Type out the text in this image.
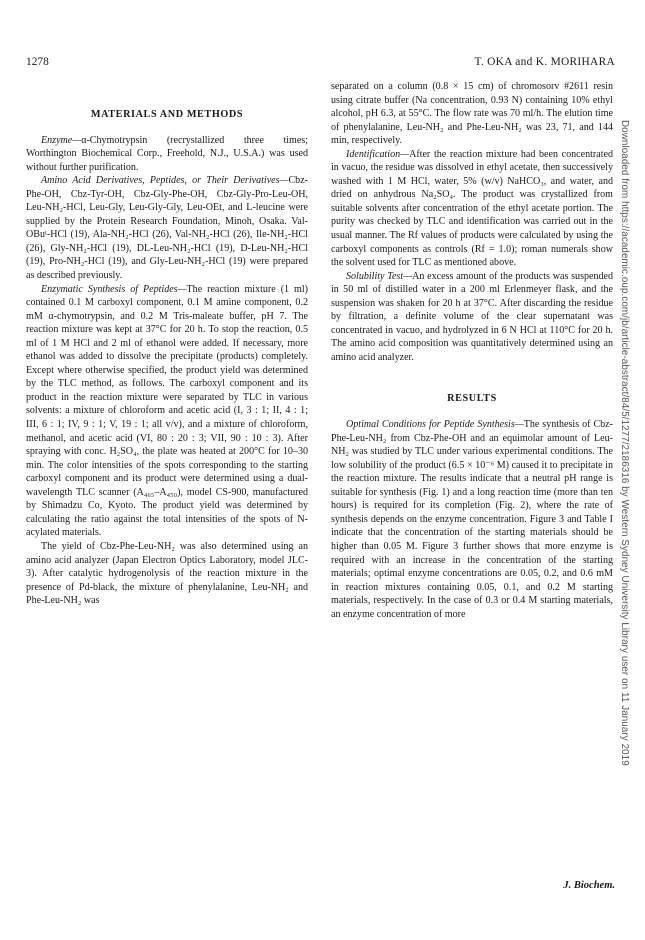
1278	T. OKA and K. MORIHARA
MATERIALS AND METHODS

Enzyme—α-Chymotrypsin (recrystallized three times; Worthington Biochemical Corp., Freehold, N.J., U.S.A.) was used without further purification.

Amino Acid Derivatives, Peptides, or Their Derivatives—Cbz-Phe-OH, Cbz-Tyr-OH, Cbz-Gly-Phe-OH, Cbz-Gly-Pro-Leu-OH, Leu-NH₂-HCl, Leu-Gly, Leu-Gly-Gly, Leu-OEt, and L-leucine were supplied by the Protein Research Foundation, Minoh, Osaka. Val-OBuᵗ-HCl (19), Ala-NH₂-HCl (26), Val-NH₂-HCl (26), Ile-NH₂-HCl (26), Gly-NH₂-HCl (19), DL-Leu-NH₂-HCl (19), D-Leu-NH₂-HCl (19), Pro-NH₂-HCl (19), and Gly-Leu-NH₂-HCl (19) were prepared as described previously.

Enzymatic Synthesis of Peptides—The reaction mixture (1 ml) contained 0.1 M carboxyl component, 0.1 M amine component, 0.2 mM α-chymotrypsin, and 0.2 M Tris-maleate buffer, pH 7. The reaction mixture was kept at 37°C for 20 h. To stop the reaction, 0.5 ml of 1 M HCl and 2 ml of ethanol were added. If necessary, more ethanol was added to dissolve the precipitate (products) completely. Except where otherwise specified, the product yield was determined by the TLC method, as follows. The carboxyl component and its product in the reaction mixture were separated by TLC in various solvents: a mixture of chloroform and acetic acid (I, 3 : 1; II, 4 : 1; III, 6 : 1; IV, 9 : 1; V, 19 : 1; all v/v), and a mixture of chloroform, methanol, and acetic acid (VI, 80 : 20 : 3; VII, 90 : 10 : 3). After spraying with conc. H₂SO₄, the plate was heated at 200°C for 10–30 min. The color intensities of the spots corresponding to the starting carboxyl component and its product were determined using a dual-wavelength TLC scanner (A₄₆₅–A₄₅₀), model CS-900, manufactured by Shimadzu Co, Kyoto. The product yield was determined by calculating the ratio against the total intensities of the spots of N-acylated materials.

The yield of Cbz-Phe-Leu-NH₂ was also determined using an amino acid analyzer (Japan Electron Optics Laboratory, model JLC-3). After catalytic hydrogenolysis of the reaction mixture in the presence of Pd-black, the mixture of phenylalanine, Leu-NH₂ and Phe-Leu-NH₂ was

separated on a column (0.8 × 15 cm) of chromosorv #2611 resin using citrate buffer (Na concentration, 0.93 N) containing 10% ethyl alcohol, pH 6.3, at 55°C. The flow rate was 70 ml/h. The elution time of phenylalanine, Leu-NH₂ and Phe-Leu-NH₂ was 23, 71, and 144 min, respectively.

Identification—After the reaction mixture had been concentrated in vacuo, the residue was dissolved in ethyl acetate, then successively washed with 1 M HCl, water, 5% (w/v) NaHCO₃, and water, and dried on anhydrous Na₂SO₄. The product was crystallized from suitable solvents after concentration of the ethyl acetate portion. The purity was checked by TLC and identification was carried out in the usual manner. The Rf values of products were calculated by using the carboxyl components as controls (Rf = 1.0); roman numerals show the solvent used for TLC as mentioned above.

Solubility Test—An excess amount of the products was suspended in 50 ml of distilled water in a 200 ml Erlenmeyer flask, and the suspension was shaken for 20 h at 37°C. After discarding the residue by filtration, a definite volume of the clear supernatant was concentrated in vacuo, and hydrolyzed in 6 N HCl at 110°C for 20 h. The amino acid composition was quantitatively determined using an amino acid analyzer.

RESULTS

Optimal Conditions for Peptide Synthesis—The synthesis of Cbz-Phe-Leu-NH₂ from Cbz-Phe-OH and an equimolar amount of Leu-NH₂ was studied by TLC under various experimental conditions. The low solubility of the product (6.5 × 10⁻⁶ M) caused it to precipitate in the reaction mixture. The results indicate that a neutral pH range is suitable for synthesis (Fig. 1) and a long reaction time (more than ten hours) is required for its completion (Fig. 2), where the rate of synthesis depends on the enzyme concentration. Figure 3 and Table I indicate that the concentration of the starting materials should be higher than 0.05 M. Figure 3 further shows that more enzyme is required with an increase in the concentration of the starting materials; optimal enzyme concentrations are 0.05, 0.2, and 0.6 mM in reaction mixtures containing 0.05, 0.1, and 0.2 M starting materials, respectively. In the case of 0.3 or 0.4 M starting materials, an enzyme concentration of more	Downloaded from https://academic.oup.com/jb/article-abstract/84/5/1277/2186316 by Western Sydney University Library user on 11 January 2019
J. Biochem.
